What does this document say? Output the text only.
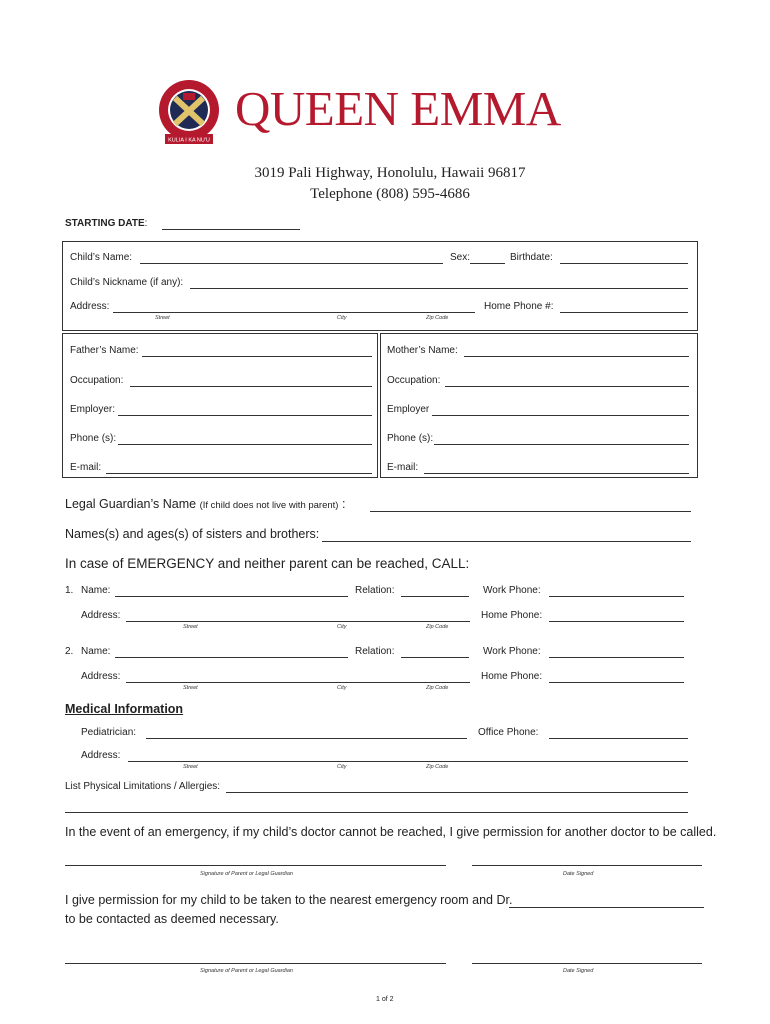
KULIA I KA NU'U
QUEEN EMMA
3019 Pali Highway, Honolulu, Hawaii 96817
Telephone (808) 595-4686
STARTING DATE:
Child’s Name:	Sex:	Birthdate:
Child’s Nickname (if any):
Address:	Home Phone #:
Street	City	Zip Code
Father’s Name:
Occupation:
Employer:
Phone (s):
E-mail:
Mother’s Name:
Occupation:
Employer
Phone (s):
E-mail:
Legal Guardian’s Name (If child does not live with parent) :
Names(s) and ages(s) of sisters and brothers:
In case of EMERGENCY and neither parent can be reached, CALL:
1. Name:	Relation:	Work Phone:
Address:	Home Phone:
Street	City	Zip Code
2. Name:	Relation:	Work Phone:
Address:	Home Phone:
Street	City	Zip Code
Medical Information
Pediatrician:	Office Phone:
Address:
Street	City	Zip Code
List Physical Limitations / Allergies:
In the event of an emergency, if my child’s doctor cannot be reached, I give permission for another doctor to be called.
Signature of Parent or Legal Guardian	Date Signed
I give permission for my child to be taken to the nearest emergency room and Dr.
to be contacted as deemed necessary.
Signature of Parent or Legal Guardian	Date Signed
1 of 2
